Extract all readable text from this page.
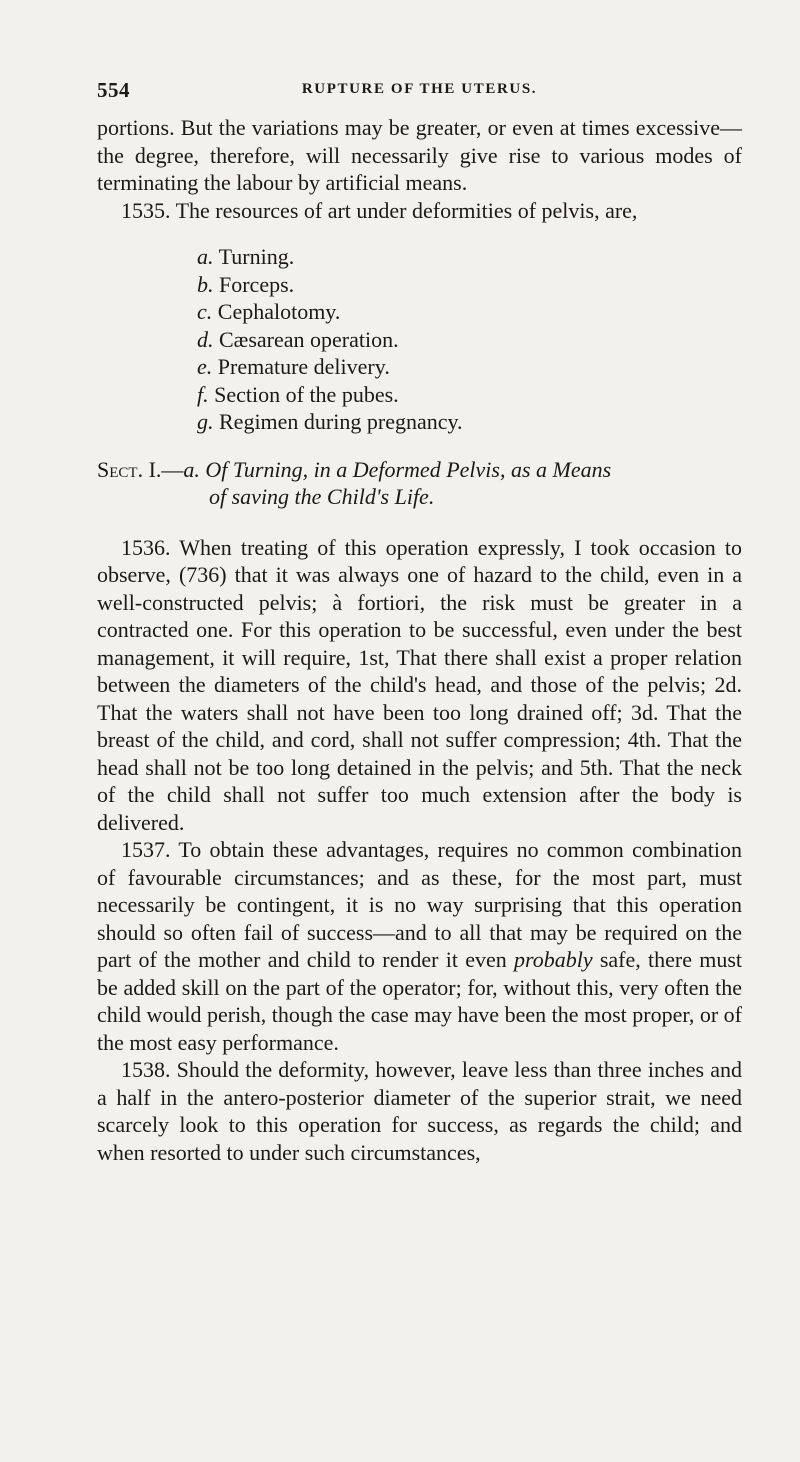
554	RUPTURE OF THE UTERUS.

portions. But the variations may be greater, or even at times excessive—the degree, therefore, will necessarily give rise to various modes of terminating the labour by artificial means.

1535. The resources of art under deformities of pelvis, are,

a. Turning.
b. Forceps.
c. Cephalotomy.
d. Cæsarean operation.
e. Premature delivery.
f. Section of the pubes.
g. Regimen during pregnancy.
Sect. I.—a. Of Turning, in a Deformed Pelvis, as a Means
of saving the Child's Life.

1536. When treating of this operation expressly, I took occasion to observe, (736) that it was always one of hazard to the child, even in a well-constructed pelvis; à fortiori, the risk must be greater in a contracted one. For this operation to be successful, even under the best management, it will require, 1st, That there shall exist a proper relation between the diameters of the child's head, and those of the pelvis; 2d. That the waters shall not have been too long drained off; 3d. That the breast of the child, and cord, shall not suffer compression; 4th. That the head shall not be too long detained in the pelvis; and 5th. That the neck of the child shall not suffer too much extension after the body is delivered.

1537. To obtain these advantages, requires no common combination of favourable circumstances; and as these, for the most part, must necessarily be contingent, it is no way surprising that this operation should so often fail of success—and to all that may be required on the part of the mother and child to render it even probably safe, there must be added skill on the part of the operator; for, without this, very often the child would perish, though the case may have been the most proper, or of the most easy performance.

1538. Should the deformity, however, leave less than three inches and a half in the antero-posterior diameter of the superior strait, we need scarcely look to this operation for success, as regards the child; and when resorted to under such circumstances,
